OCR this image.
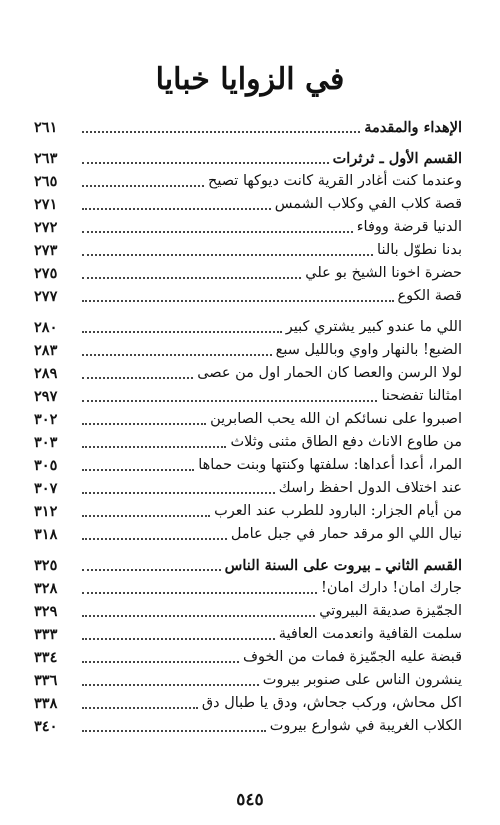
في الزوايا خبايا
الإهداء والمقدمة
٢٦١
القسم الأول ـ ثرثرات
٢٦٣
وعندما كنت أغادر القرية كانت ديوكها تصيح
٢٦٥
قصة كلاب الفي وكلاب الشمس
٢٧١
الدنيا قرضة ووفاء
٢٧٢
بدنا نطوّل بالنا
٢٧٣
حضرة اخونا الشيخ بو علي
٢٧٥
قصة الكوع
٢٧٧
اللي ما عندو كبير يشتري كبير
٢٨٠
الضبع! بالنهار واوي وبالليل سبع
٢٨٣
لولا الرسن والعصا كان الحمار اول من عصى
٢٨٩
امثالنا تفضحنا
٢٩٧
اصبروا على نسائكم ان الله يحب الصابرين
٣٠٢
من طاوع الاناث دفع الطاق مثنى وثلاث
٣٠٣
المرا، أعدا أعداها: سلفتها وكنتها وبنت حماها
٣٠٥
عند اختلاف الدول احفظ راسك
٣٠٧
من أيام الجزار: البارود للطرب عند العرب
٣١٢
نيال اللي الو مرقد حمار في جبل عامل
٣١٨
القسم الثاني ـ بيروت على السنة الناس
٣٢٥
جارك امان! دارك امان!
٣٢٨
الجمّيزة صديقة البيروتي
٣٢٩
سلمت القافية وانعدمت العافية
٣٣٣
قبضة عليه الجمّيزة فمات من الخوف
٣٣٤
ينشرون الناس على صنوبر بيروت
٣٣٦
اكل محاش، وركب جحاش، ودق يا طبال دق
٣٣٨
الكلاب الغريبة في شوارع بيروت
٣٤٠
٥٤٥
